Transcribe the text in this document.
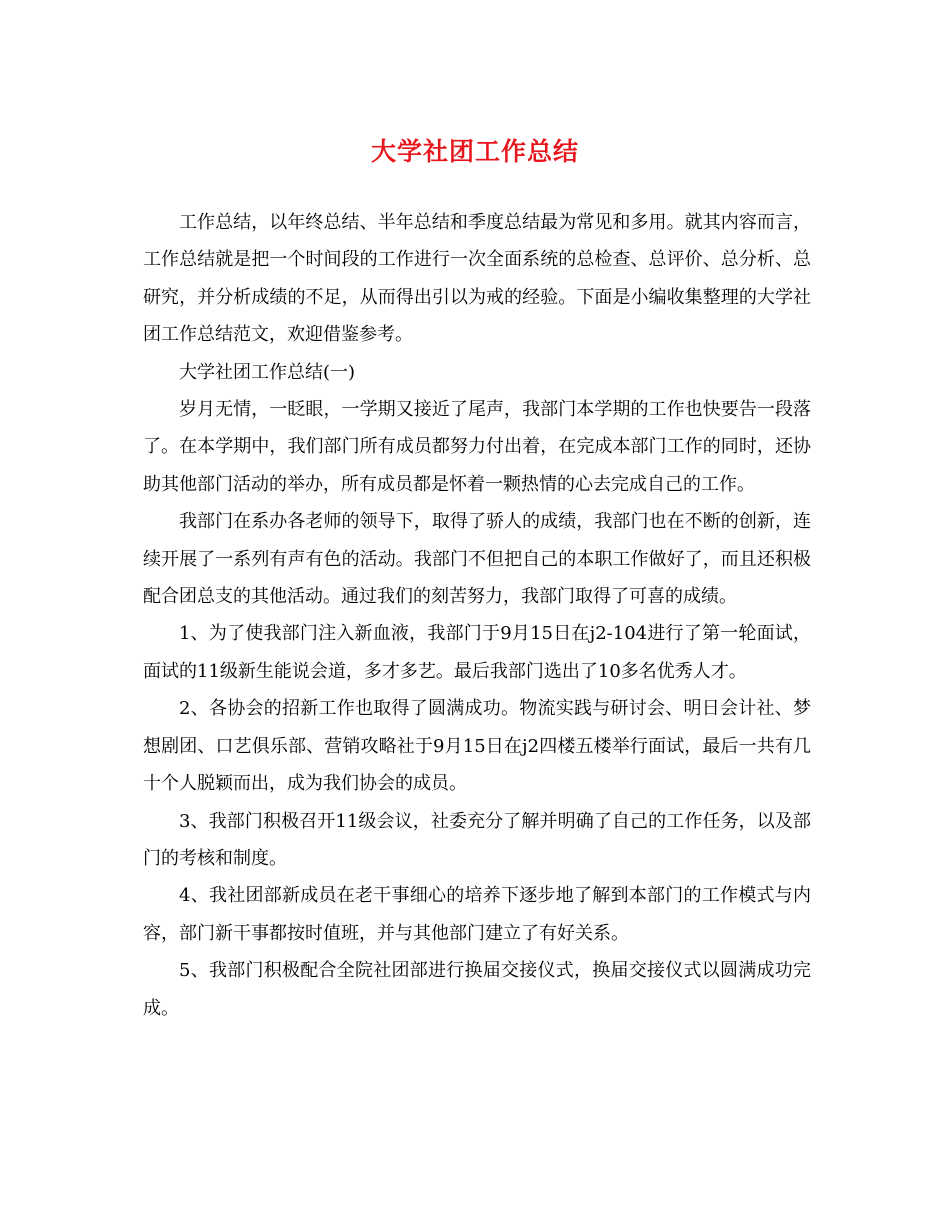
大学社团工作总结

工作总结，以年终总结、半年总结和季度总结最为常见和多用。就其内容而言，工作总结就是把一个时间段的工作进行一次全面系统的总检查、总评价、总分析、总研究，并分析成绩的不足，从而得出引以为戒的经验。下面是小编收集整理的大学社团工作总结范文，欢迎借鉴参考。

大学社团工作总结(一)

岁月无情，一眨眼，一学期又接近了尾声，我部门本学期的工作也快要告一段落了。在本学期中，我们部门所有成员都努力付出着，在完成本部门工作的同时，还协助其他部门活动的举办，所有成员都是怀着一颗热情的心去完成自己的工作。

我部门在系办各老师的领导下，取得了骄人的成绩，我部门也在不断的创新，连续开展了一系列有声有色的活动。我部门不但把自己的本职工作做好了，而且还积极配合团总支的其他活动。通过我们的刻苦努力，我部门取得了可喜的成绩。

1、为了使我部门注入新血液，我部门于9月15日在j2-104进行了第一轮面试，面试的11级新生能说会道，多才多艺。最后我部门选出了10多名优秀人才。

2、各协会的招新工作也取得了圆满成功。物流实践与研讨会、明日会计社、梦想剧团、口艺俱乐部、营销攻略社于9月15日在j2四楼五楼举行面试，最后一共有几十个人脱颖而出，成为我们协会的成员。

3、我部门积极召开11级会议，社委充分了解并明确了自己的工作任务，以及部门的考核和制度。

4、我社团部新成员在老干事细心的培养下逐步地了解到本部门的工作模式与内容，部门新干事都按时值班，并与其他部门建立了有好关系。

5、我部门积极配合全院社团部进行换届交接仪式，换届交接仪式以圆满成功完成。
